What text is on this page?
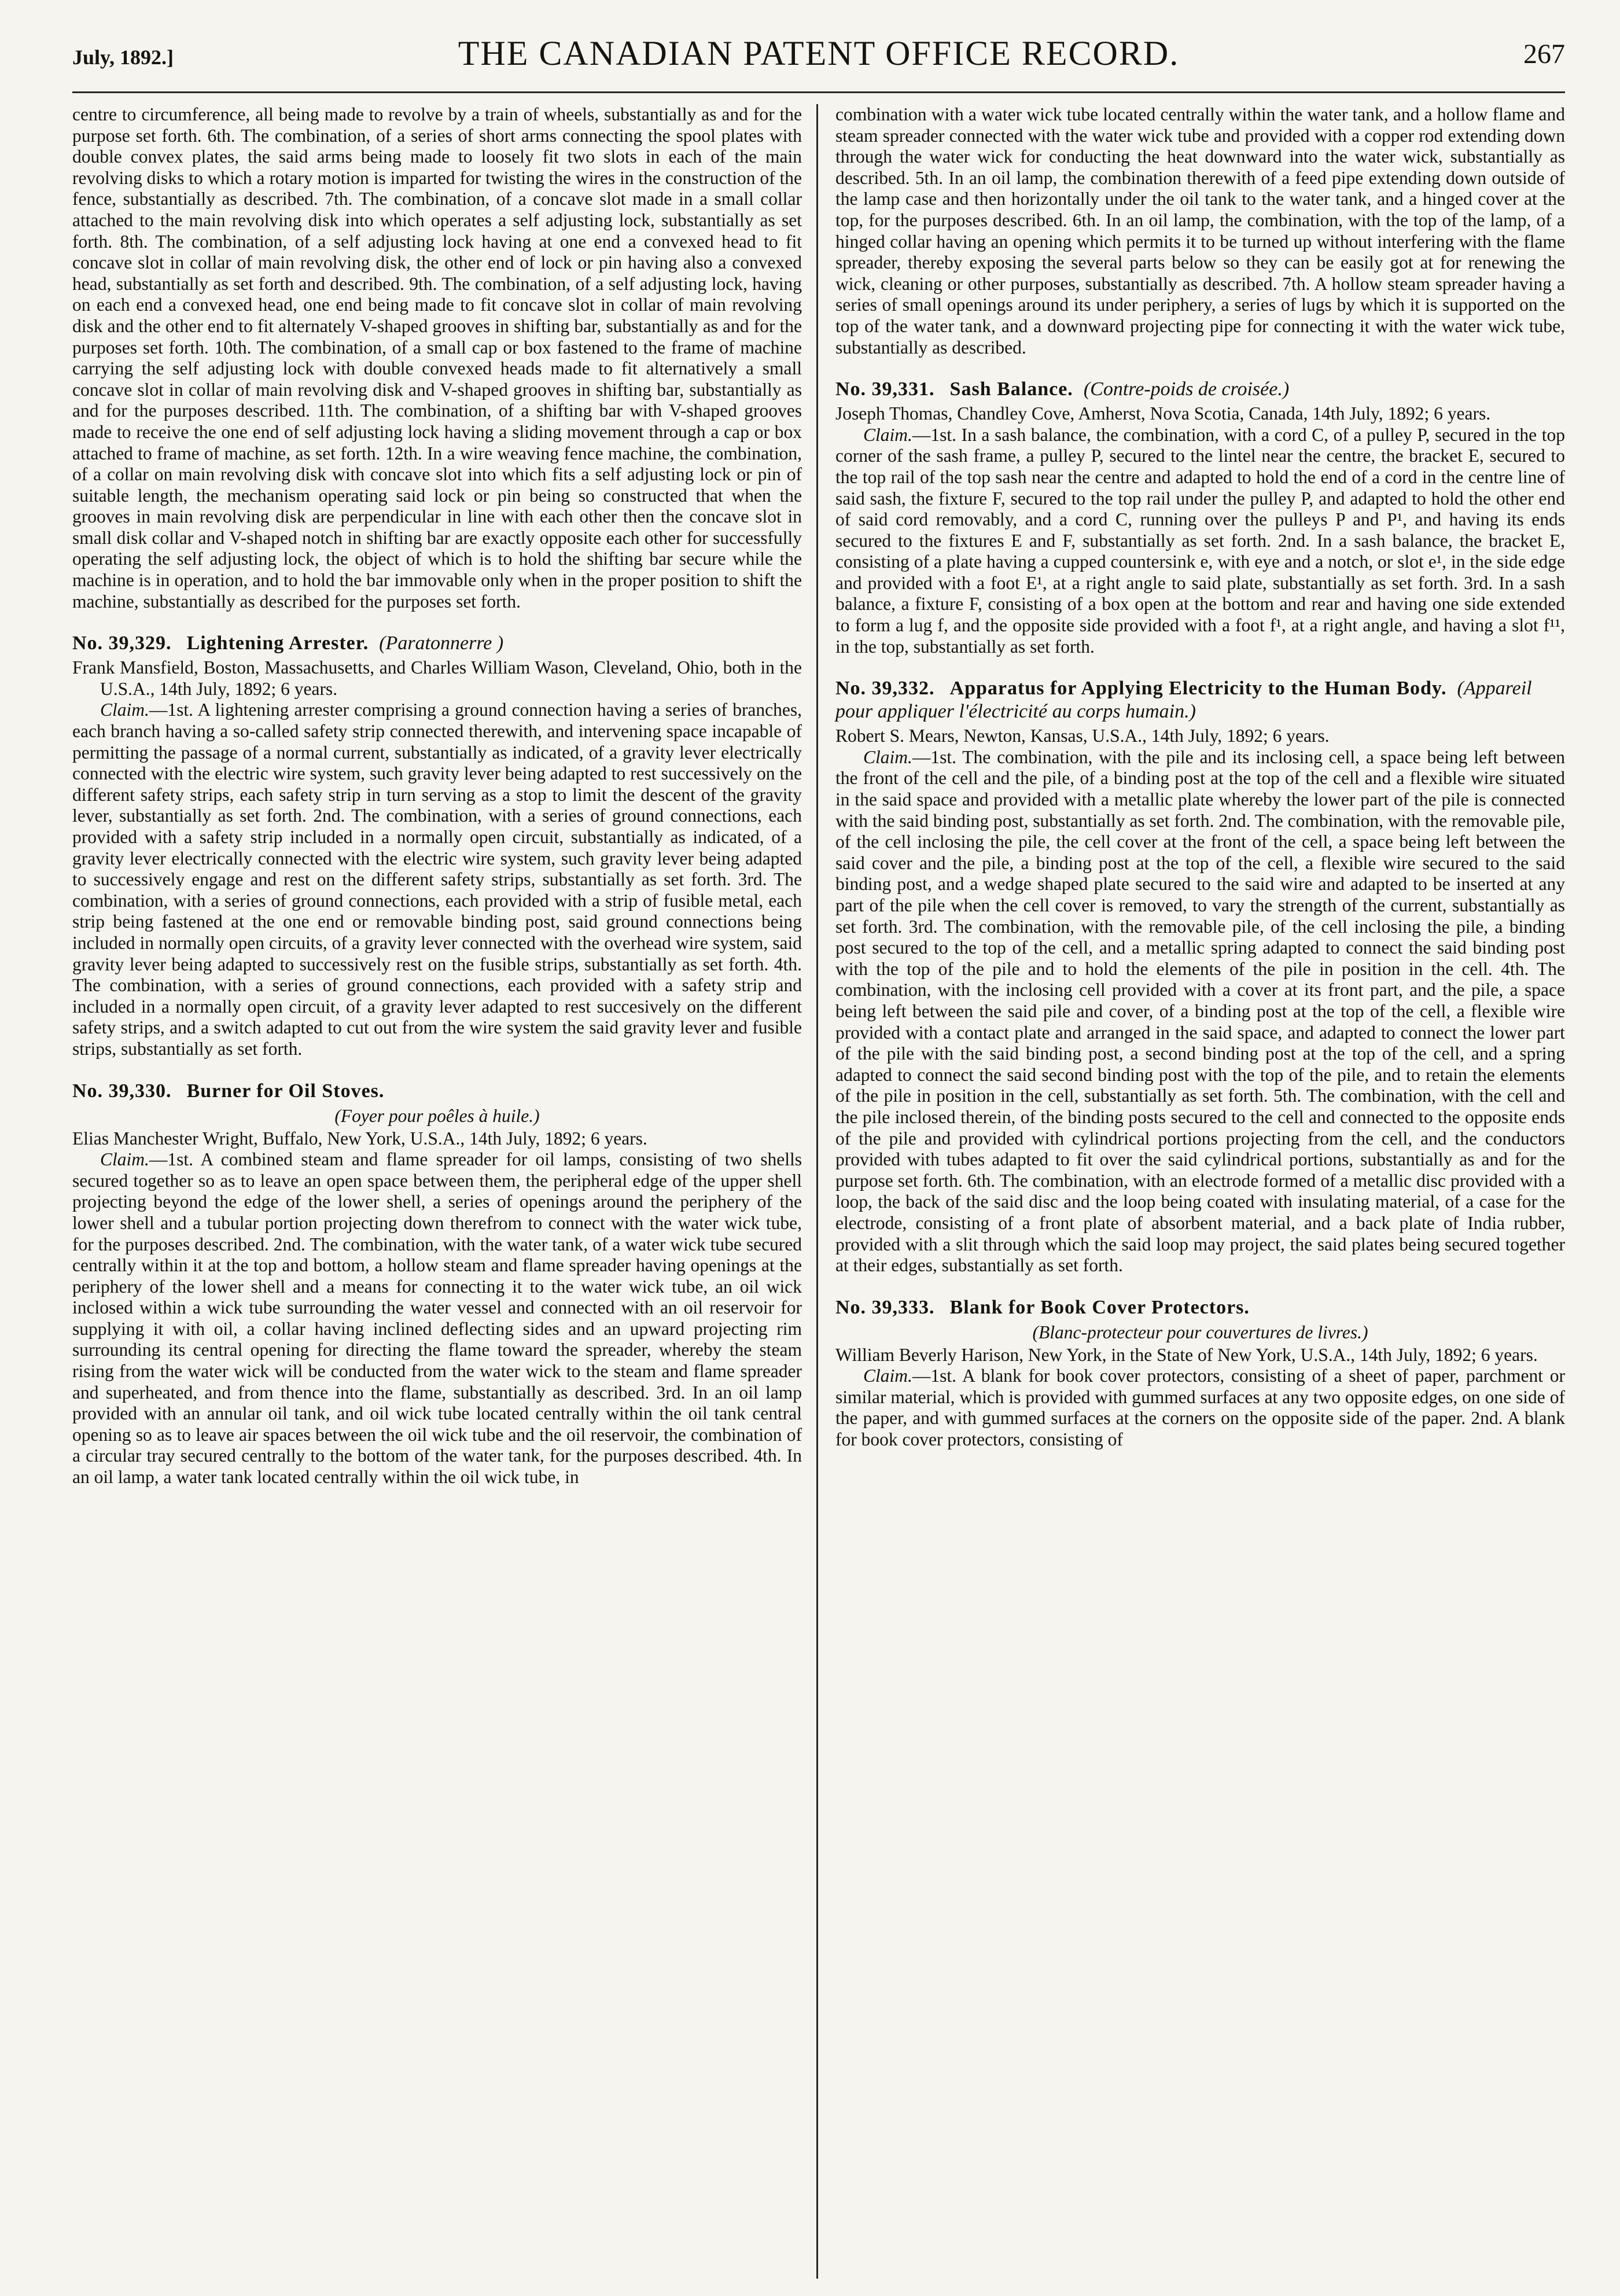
July, 1892.]	THE CANADIAN PATENT OFFICE RECORD.	267

centre to circumference, all being made to revolve by a train of wheels, substantially as and for the purpose set forth. 6th. The combination, of a series of short arms connecting the spool plates with double convex plates, the said arms being made to loosely fit two slots in each of the main revolving disks to which a rotary motion is imparted for twisting the wires in the construction of the fence, substantially as described. 7th. The combination, of a concave slot made in a small collar attached to the main revolving disk into which operates a self adjusting lock, substantially as set forth. 8th. The combination, of a self adjusting lock having at one end a convexed head to fit concave slot in collar of main revolving disk, the other end of lock or pin having also a convexed head, substantially as set forth and described. 9th. The combination, of a self adjusting lock, having on each end a convexed head, one end being made to fit concave slot in collar of main revolving disk and the other end to fit alternately V-shaped grooves in shifting bar, substantially as and for the purposes set forth. 10th. The combination, of a small cap or box fastened to the frame of machine carrying the self adjusting lock with double convexed heads made to fit alternatively a small concave slot in collar of main revolving disk and V-shaped grooves in shifting bar, substantially as and for the purposes described. 11th. The combination, of a shifting bar with V-shaped grooves made to receive the one end of self adjusting lock having a sliding movement through a cap or box attached to frame of machine, as set forth. 12th. In a wire weaving fence machine, the combination, of a collar on main revolving disk with concave slot into which fits a self adjusting lock or pin of suitable length, the mechanism operating said lock or pin being so constructed that when the grooves in main revolving disk are perpendicular in line with each other then the concave slot in small disk collar and V-shaped notch in shifting bar are exactly opposite each other for successfully operating the self adjusting lock, the object of which is to hold the shifting bar secure while the machine is in operation, and to hold the bar immovable only when in the proper position to shift the machine, substantially as described for the purposes set forth.

No. 39,329. Lightening Arrester. (Paratonnerre )

Frank Mansfield, Boston, Massachusetts, and Charles William Wason, Cleveland, Ohio, both in the U.S.A., 14th July, 1892; 6 years.

Claim.—1st. A lightening arrester comprising a ground connection having a series of branches, each branch having a so-called safety strip connected therewith, and intervening space incapable of permitting the passage of a normal current, substantially as indicated, of a gravity lever electrically connected with the electric wire system, such gravity lever being adapted to rest successively on the different safety strips, each safety strip in turn serving as a stop to limit the descent of the gravity lever, substantially as set forth. 2nd. The combination, with a series of ground connections, each provided with a safety strip included in a normally open circuit, substantially as indicated, of a gravity lever electrically connected with the electric wire system, such gravity lever being adapted to successively engage and rest on the different safety strips, substantially as set forth. 3rd. The combination, with a series of ground connections, each provided with a strip of fusible metal, each strip being fastened at the one end or removable binding post, said ground connections being included in normally open circuits, of a gravity lever connected with the overhead wire system, said gravity lever being adapted to successively rest on the fusible strips, substantially as set forth. 4th. The combination, with a series of ground connections, each provided with a safety strip and included in a normally open circuit, of a gravity lever adapted to rest succesively on the different safety strips, and a switch adapted to cut out from the wire system the said gravity lever and fusible strips, substantially as set forth.

No. 39,330. Burner for Oil Stoves.
(Foyer pour poêles à huile.)

Elias Manchester Wright, Buffalo, New York, U.S.A., 14th July, 1892; 6 years.

Claim.—1st. A combined steam and flame spreader for oil lamps, consisting of two shells secured together so as to leave an open space between them, the peripheral edge of the upper shell projecting beyond the edge of the lower shell, a series of openings around the periphery of the lower shell and a tubular portion projecting down therefrom to connect with the water wick tube, for the purposes described. 2nd. The combination, with the water tank, of a water wick tube secured centrally within it at the top and bottom, a hollow steam and flame spreader having openings at the periphery of the lower shell and a means for connecting it to the water wick tube, an oil wick inclosed within a wick tube surrounding the water vessel and connected with an oil reservoir for supplying it with oil, a collar having inclined deflecting sides and an upward projecting rim surrounding its central opening for directing the flame toward the spreader, whereby the steam rising from the water wick will be conducted from the water wick to the steam and flame spreader and superheated, and from thence into the flame, substantially as described. 3rd. In an oil lamp provided with an annular oil tank, and oil wick tube located centrally within the oil tank central opening so as to leave air spaces between the oil wick tube and the oil reservoir, the combination of a circular tray secured centrally to the bottom of the water tank, for the purposes described. 4th. In an oil lamp, a water tank located centrally within the oil wick tube, in

combination with a water wick tube located centrally within the water tank, and a hollow flame and steam spreader connected with the water wick tube and provided with a copper rod extending down through the water wick for conducting the heat downward into the water wick, substantially as described. 5th. In an oil lamp, the combination therewith of a feed pipe extending down outside of the lamp case and then horizontally under the oil tank to the water tank, and a hinged cover at the top, for the purposes described. 6th. In an oil lamp, the combination, with the top of the lamp, of a hinged collar having an opening which permits it to be turned up without interfering with the flame spreader, thereby exposing the several parts below so they can be easily got at for renewing the wick, cleaning or other purposes, substantially as described. 7th. A hollow steam spreader having a series of small openings around its under periphery, a series of lugs by which it is supported on the top of the water tank, and a downward projecting pipe for connecting it with the water wick tube, substantially as described.

No. 39,331. Sash Balance. (Contre-poids de croisée.)

Joseph Thomas, Chandley Cove, Amherst, Nova Scotia, Canada, 14th July, 1892; 6 years.

Claim.—1st. In a sash balance, the combination, with a cord C, of a pulley P, secured in the top corner of the sash frame, a pulley P, secured to the lintel near the centre, the bracket E, secured to the top rail of the top sash near the centre and adapted to hold the end of a cord in the centre line of said sash, the fixture F, secured to the top rail under the pulley P, and adapted to hold the other end of said cord removably, and a cord C, running over the pulleys P and P¹, and having its ends secured to the fixtures E and F, substantially as set forth. 2nd. In a sash balance, the bracket E, consisting of a plate having a cupped countersink e, with eye and a notch, or slot e¹, in the side edge and provided with a foot E¹, at a right angle to said plate, substantially as set forth. 3rd. In a sash balance, a fixture F, consisting of a box open at the bottom and rear and having one side extended to form a lug f, and the opposite side provided with a foot f¹, at a right angle, and having a slot f¹¹, in the top, substantially as set forth.

No. 39,332. Apparatus for Applying Electricity to the Human Body. (Appareil pour appliquer l'électricité au corps humain.)

Robert S. Mears, Newton, Kansas, U.S.A., 14th July, 1892; 6 years.

Claim.—1st. The combination, with the pile and its inclosing cell, a space being left between the front of the cell and the pile, of a binding post at the top of the cell and a flexible wire situated in the said space and provided with a metallic plate whereby the lower part of the pile is connected with the said binding post, substantially as set forth. 2nd. The combination, with the removable pile, of the cell inclosing the pile, the cell cover at the front of the cell, a space being left between the said cover and the pile, a binding post at the top of the cell, a flexible wire secured to the said binding post, and a wedge shaped plate secured to the said wire and adapted to be inserted at any part of the pile when the cell cover is removed, to vary the strength of the current, substantially as set forth. 3rd. The combination, with the removable pile, of the cell inclosing the pile, a binding post secured to the top of the cell, and a metallic spring adapted to connect the said binding post with the top of the pile and to hold the elements of the pile in position in the cell. 4th. The combination, with the inclosing cell provided with a cover at its front part, and the pile, a space being left between the said pile and cover, of a binding post at the top of the cell, a flexible wire provided with a contact plate and arranged in the said space, and adapted to connect the lower part of the pile with the said binding post, a second binding post at the top of the cell, and a spring adapted to connect the said second binding post with the top of the pile, and to retain the elements of the pile in position in the cell, substantially as set forth. 5th. The combination, with the cell and the pile inclosed therein, of the binding posts secured to the cell and connected to the opposite ends of the pile and provided with cylindrical portions projecting from the cell, and the conductors provided with tubes adapted to fit over the said cylindrical portions, substantially as and for the purpose set forth. 6th. The combination, with an electrode formed of a metallic disc provided with a loop, the back of the said disc and the loop being coated with insulating material, of a case for the electrode, consisting of a front plate of absorbent material, and a back plate of India rubber, provided with a slit through which the said loop may project, the said plates being secured together at their edges, substantially as set forth.

No. 39,333. Blank for Book Cover Protectors.
(Blanc-protecteur pour couvertures de livres.)

William Beverly Harison, New York, in the State of New York, U.S.A., 14th July, 1892; 6 years.

Claim.—1st. A blank for book cover protectors, consisting of a sheet of paper, parchment or similar material, which is provided with gummed surfaces at any two opposite edges, on one side of the paper, and with gummed surfaces at the corners on the opposite side of the paper. 2nd. A blank for book cover protectors, consisting of
